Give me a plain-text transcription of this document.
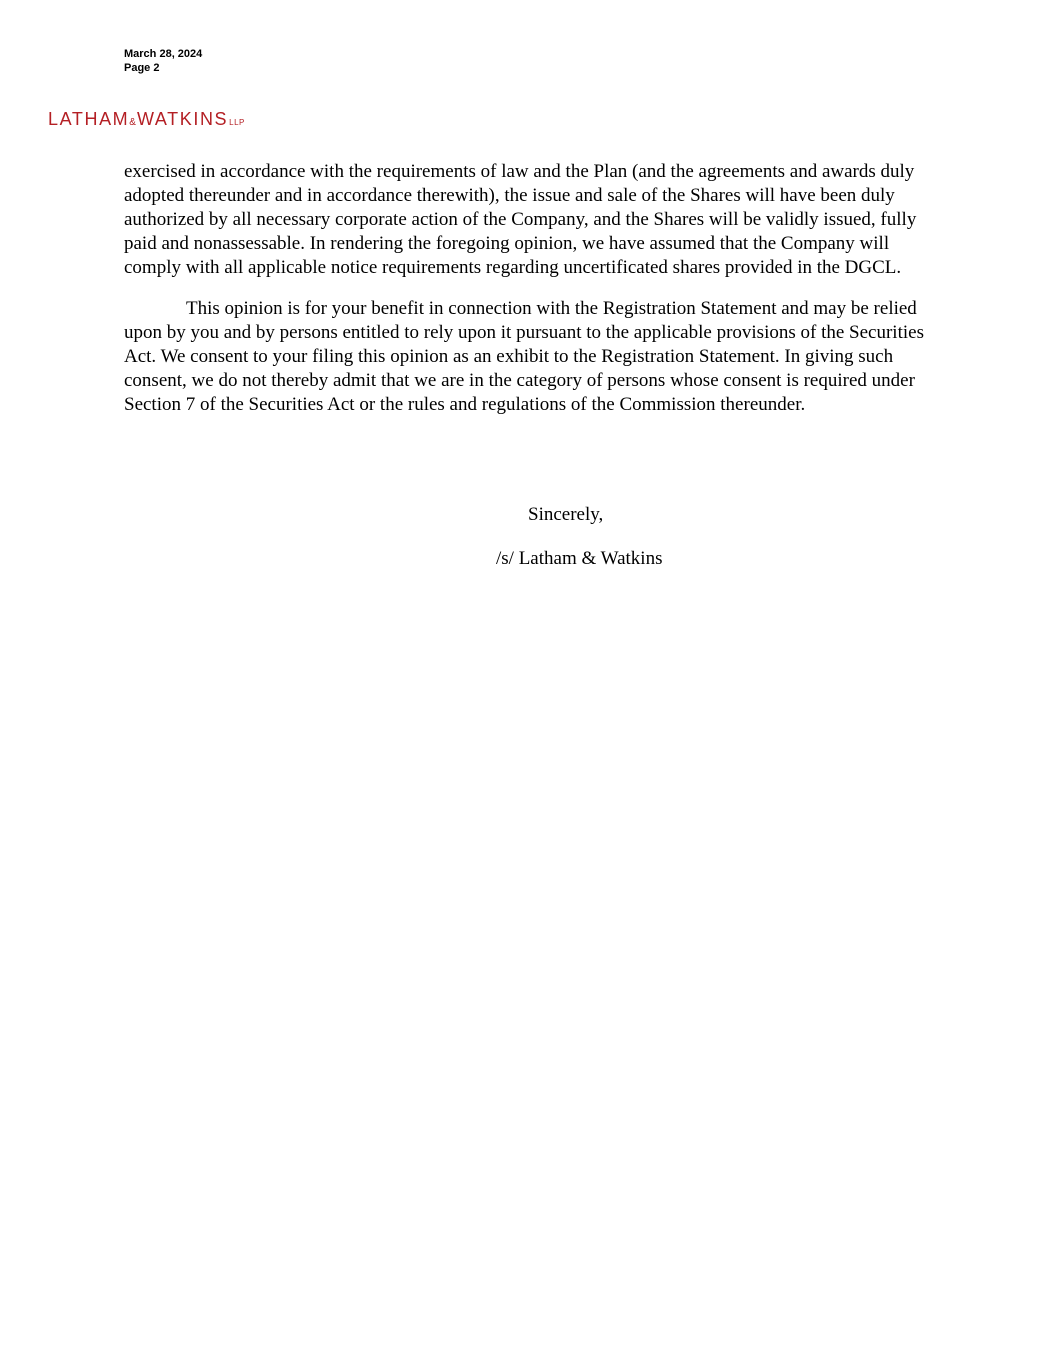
March 28, 2024
Page 2
LATHAM & WATKINS LLP

exercised in accordance with the requirements of law and the Plan (and the agreements and awards duly adopted thereunder and in accordance therewith), the issue and sale of the Shares will have been duly authorized by all necessary corporate action of the Company, and the Shares will be validly issued, fully paid and nonassessable. In rendering the foregoing opinion, we have assumed that the Company will comply with all applicable notice requirements regarding uncertificated shares provided in the DGCL.

This opinion is for your benefit in connection with the Registration Statement and may be relied upon by you and by persons entitled to rely upon it pursuant to the applicable provisions of the Securities Act. We consent to your filing this opinion as an exhibit to the Registration Statement. In giving such consent, we do not thereby admit that we are in the category of persons whose consent is required under Section 7 of the Securities Act or the rules and regulations of the Commission thereunder.

Sincerely,
/s/ Latham & Watkins
